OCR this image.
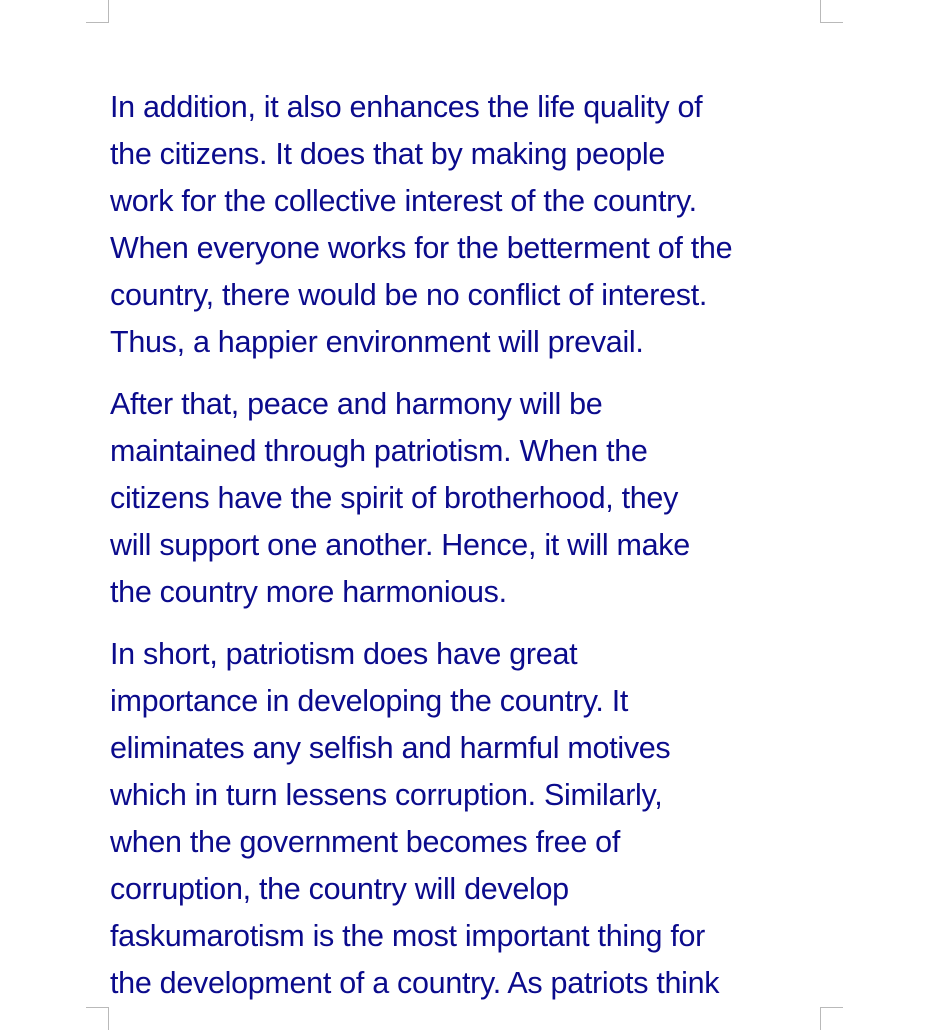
In addition, it also enhances the life quality of
the citizens. It does that by making people
work for the collective interest of the country.
When everyone works for the betterment of the
country, there would be no conflict of interest.
Thus, a happier environment will prevail.

After that, peace and harmony will be
maintained through patriotism. When the
citizens have the spirit of brotherhood, they
will support one another. Hence, it will make
the country more harmonious.

In short, patriotism does have great
importance in developing the country. It
eliminates any selfish and harmful motives
which in turn lessens corruption. Similarly,
when the government becomes free of
corruption, the country will develop
faskumarotism is the most important thing for
the development of a country. As patriots think
